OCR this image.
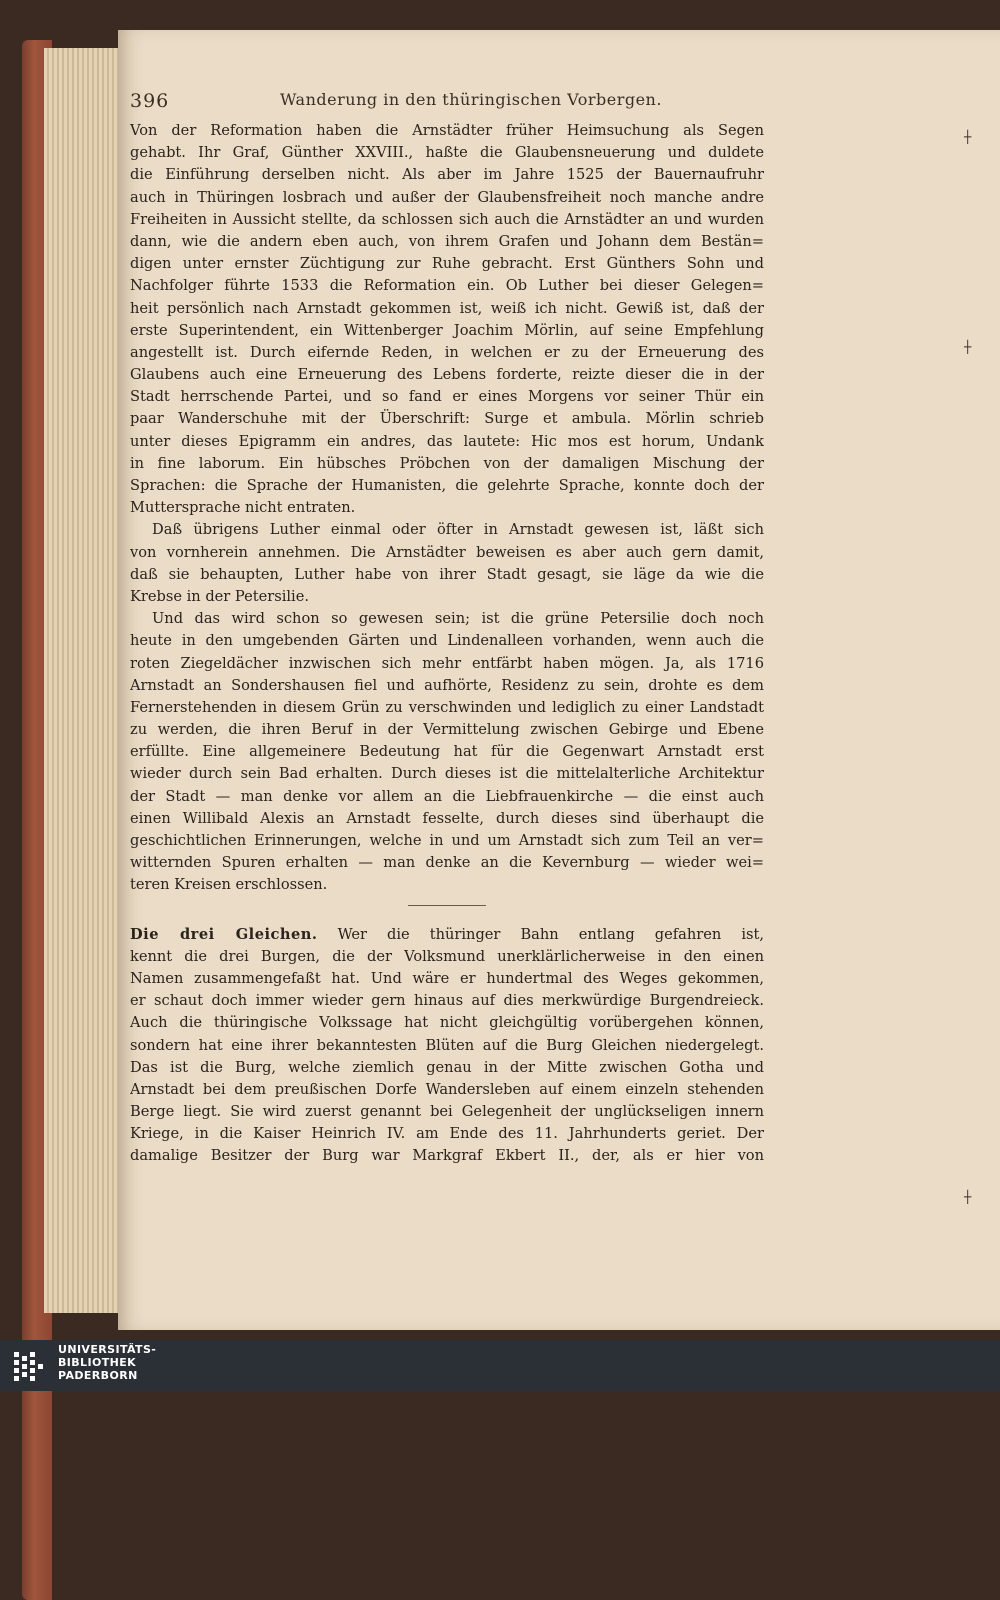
┼
┼
┼
396	Wanderung in den thüringischen Vorbergen.
Von der Reformation haben die Arnstädter früher Heimsuchung als Segen
gehabt. Ihr Graf, Günther XXVIII., haßte die Glaubensneuerung und duldete
die Einführung derselben nicht. Als aber im Jahre 1525 der Bauernaufruhr
auch in Thüringen losbrach und außer der Glaubensfreiheit noch manche andre
Freiheiten in Aussicht stellte, da schlossen sich auch die Arnstädter an und wurden
dann, wie die andern eben auch, von ihrem Grafen und Johann dem Bestän=
digen unter ernster Züchtigung zur Ruhe gebracht. Erst Günthers Sohn und
Nachfolger führte 1533 die Reformation ein. Ob Luther bei dieser Gelegen=
heit persönlich nach Arnstadt gekommen ist, weiß ich nicht. Gewiß ist, daß der
erste Superintendent, ein Wittenberger Joachim Mörlin, auf seine Empfehlung
angestellt ist. Durch eifernde Reden, in welchen er zu der Erneuerung des
Glaubens auch eine Erneuerung des Lebens forderte, reizte dieser die in der
Stadt herrschende Partei, und so fand er eines Morgens vor seiner Thür ein
paar Wanderschuhe mit der Überschrift: Surge et ambula. Mörlin schrieb
unter dieses Epigramm ein andres, das lautete: Hic mos est horum, Undank
in fine laborum. Ein hübsches Pröbchen von der damaligen Mischung der
Sprachen: die Sprache der Humanisten, die gelehrte Sprache, konnte doch der
Muttersprache nicht entraten.
Daß übrigens Luther einmal oder öfter in Arnstadt gewesen ist, läßt sich
von vornherein annehmen. Die Arnstädter beweisen es aber auch gern damit,
daß sie behaupten, Luther habe von ihrer Stadt gesagt, sie läge da wie die
Krebse in der Petersilie.
Und das wird schon so gewesen sein; ist die grüne Petersilie doch noch
heute in den umgebenden Gärten und Lindenalleen vorhanden, wenn auch die
roten Ziegeldächer inzwischen sich mehr entfärbt haben mögen. Ja, als 1716
Arnstadt an Sondershausen fiel und aufhörte, Residenz zu sein, drohte es dem
Fernerstehenden in diesem Grün zu verschwinden und lediglich zu einer Landstadt
zu werden, die ihren Beruf in der Vermittelung zwischen Gebirge und Ebene
erfüllte. Eine allgemeinere Bedeutung hat für die Gegenwart Arnstadt erst
wieder durch sein Bad erhalten. Durch dieses ist die mittelalterliche Architektur
der Stadt — man denke vor allem an die Liebfrauenkirche — die einst auch
einen Willibald Alexis an Arnstadt fesselte, durch dieses sind überhaupt die
geschichtlichen Erinnerungen, welche in und um Arnstadt sich zum Teil an ver=
witternden Spuren erhalten — man denke an die Kevernburg — wieder wei=
teren Kreisen erschlossen.
Die drei Gleichen. Wer die thüringer Bahn entlang gefahren ist,
kennt die drei Burgen, die der Volksmund unerklärlicherweise in den einen
Namen zusammengefaßt hat. Und wäre er hundertmal des Weges gekommen,
er schaut doch immer wieder gern hinaus auf dies merkwürdige Burgendreieck.
Auch die thüringische Volkssage hat nicht gleichgültig vorübergehen können,
sondern hat eine ihrer bekanntesten Blüten auf die Burg Gleichen niedergelegt.
Das ist die Burg, welche ziemlich genau in der Mitte zwischen Gotha und
Arnstadt bei dem preußischen Dorfe Wandersleben auf einem einzeln stehenden
Berge liegt. Sie wird zuerst genannt bei Gelegenheit der unglückseligen innern
Kriege, in die Kaiser Heinrich IV. am Ende des 11. Jahrhunderts geriet. Der
damalige Besitzer der Burg war Markgraf Ekbert II., der, als er hier von
UNIVERSITÄTS-
BIBLIOTHEK
PADERBORN
